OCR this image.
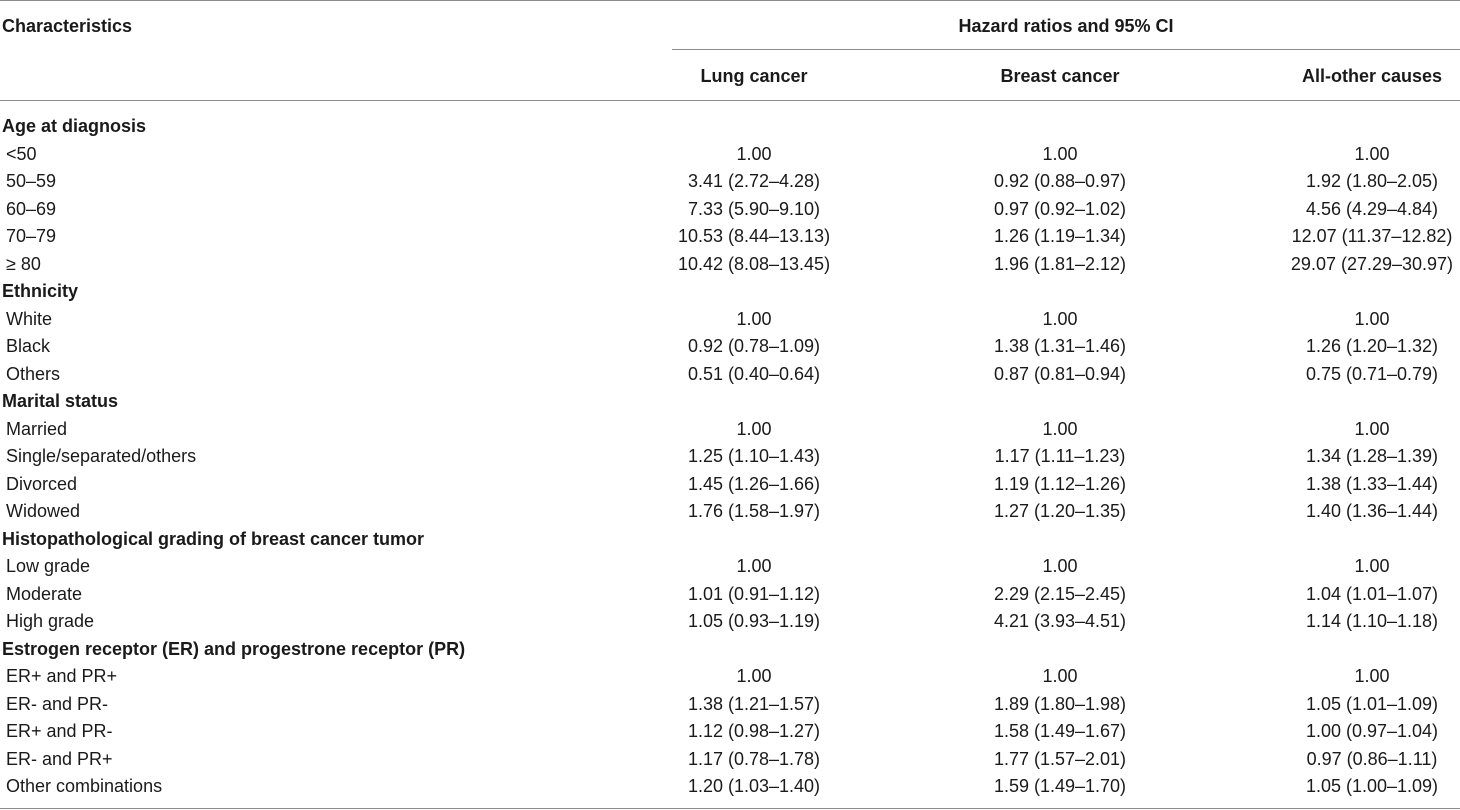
Characteristics	Hazard ratios and 95% CI
Lung cancer	Breast cancer	All-other causes
Age at diagnosis
<50	1.00	1.00	1.00
50–59	3.41 (2.72–4.28)	0.92 (0.88–0.97)	1.92 (1.80–2.05)
60–69	7.33 (5.90–9.10)	0.97 (0.92–1.02)	4.56 (4.29–4.84)
70–79	10.53 (8.44–13.13)	1.26 (1.19–1.34)	12.07 (11.37–12.82)
≥ 80	10.42 (8.08–13.45)	1.96 (1.81–2.12)	29.07 (27.29–30.97)
Ethnicity
White	1.00	1.00	1.00
Black	0.92 (0.78–1.09)	1.38 (1.31–1.46)	1.26 (1.20–1.32)
Others	0.51 (0.40–0.64)	0.87 (0.81–0.94)	0.75 (0.71–0.79)
Marital status
Married	1.00	1.00	1.00
Single/separated/others	1.25 (1.10–1.43)	1.17 (1.11–1.23)	1.34 (1.28–1.39)
Divorced	1.45 (1.26–1.66)	1.19 (1.12–1.26)	1.38 (1.33–1.44)
Widowed	1.76 (1.58–1.97)	1.27 (1.20–1.35)	1.40 (1.36–1.44)
Histopathological grading of breast cancer tumor
Low grade	1.00	1.00	1.00
Moderate	1.01 (0.91–1.12)	2.29 (2.15–2.45)	1.04 (1.01–1.07)
High grade	1.05 (0.93–1.19)	4.21 (3.93–4.51)	1.14 (1.10–1.18)
Estrogen receptor (ER) and progestrone receptor (PR)
ER+ and PR+	1.00	1.00	1.00
ER- and PR-	1.38 (1.21–1.57)	1.89 (1.80–1.98)	1.05 (1.01–1.09)
ER+ and PR-	1.12 (0.98–1.27)	1.58 (1.49–1.67)	1.00 (0.97–1.04)
ER- and PR+	1.17 (0.78–1.78)	1.77 (1.57–2.01)	0.97 (0.86–1.11)
Other combinations	1.20 (1.03–1.40)	1.59 (1.49–1.70)	1.05 (1.00–1.09)
